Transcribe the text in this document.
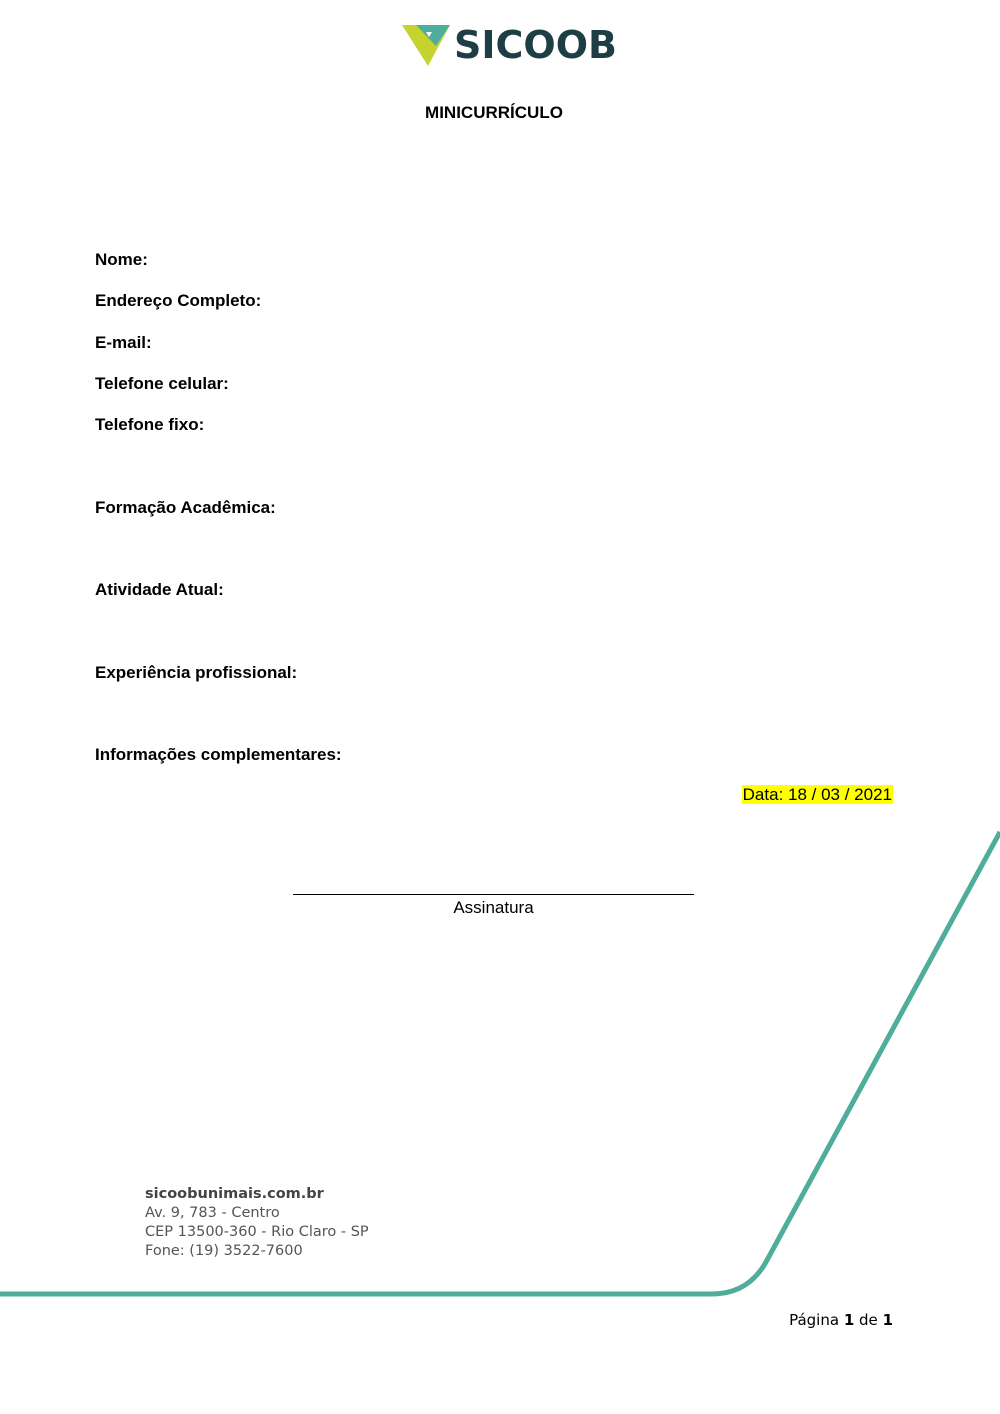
SICOOB
MINICURRÍCULO

Nome:

Endereço Completo:

E-mail:

Telefone celular:

Telefone fixo:

Formação Acadêmica:

Atividade Atual:

Experiência profissional:

Informações complementares:

Data: 18 / 03 / 2021
Assinatura
sicoobunimais.com.br
Av. 9, 783 - Centro
CEP 13500-360 - Rio Claro - SP
Fone: (19) 3522-7600
Página 1 de 1
